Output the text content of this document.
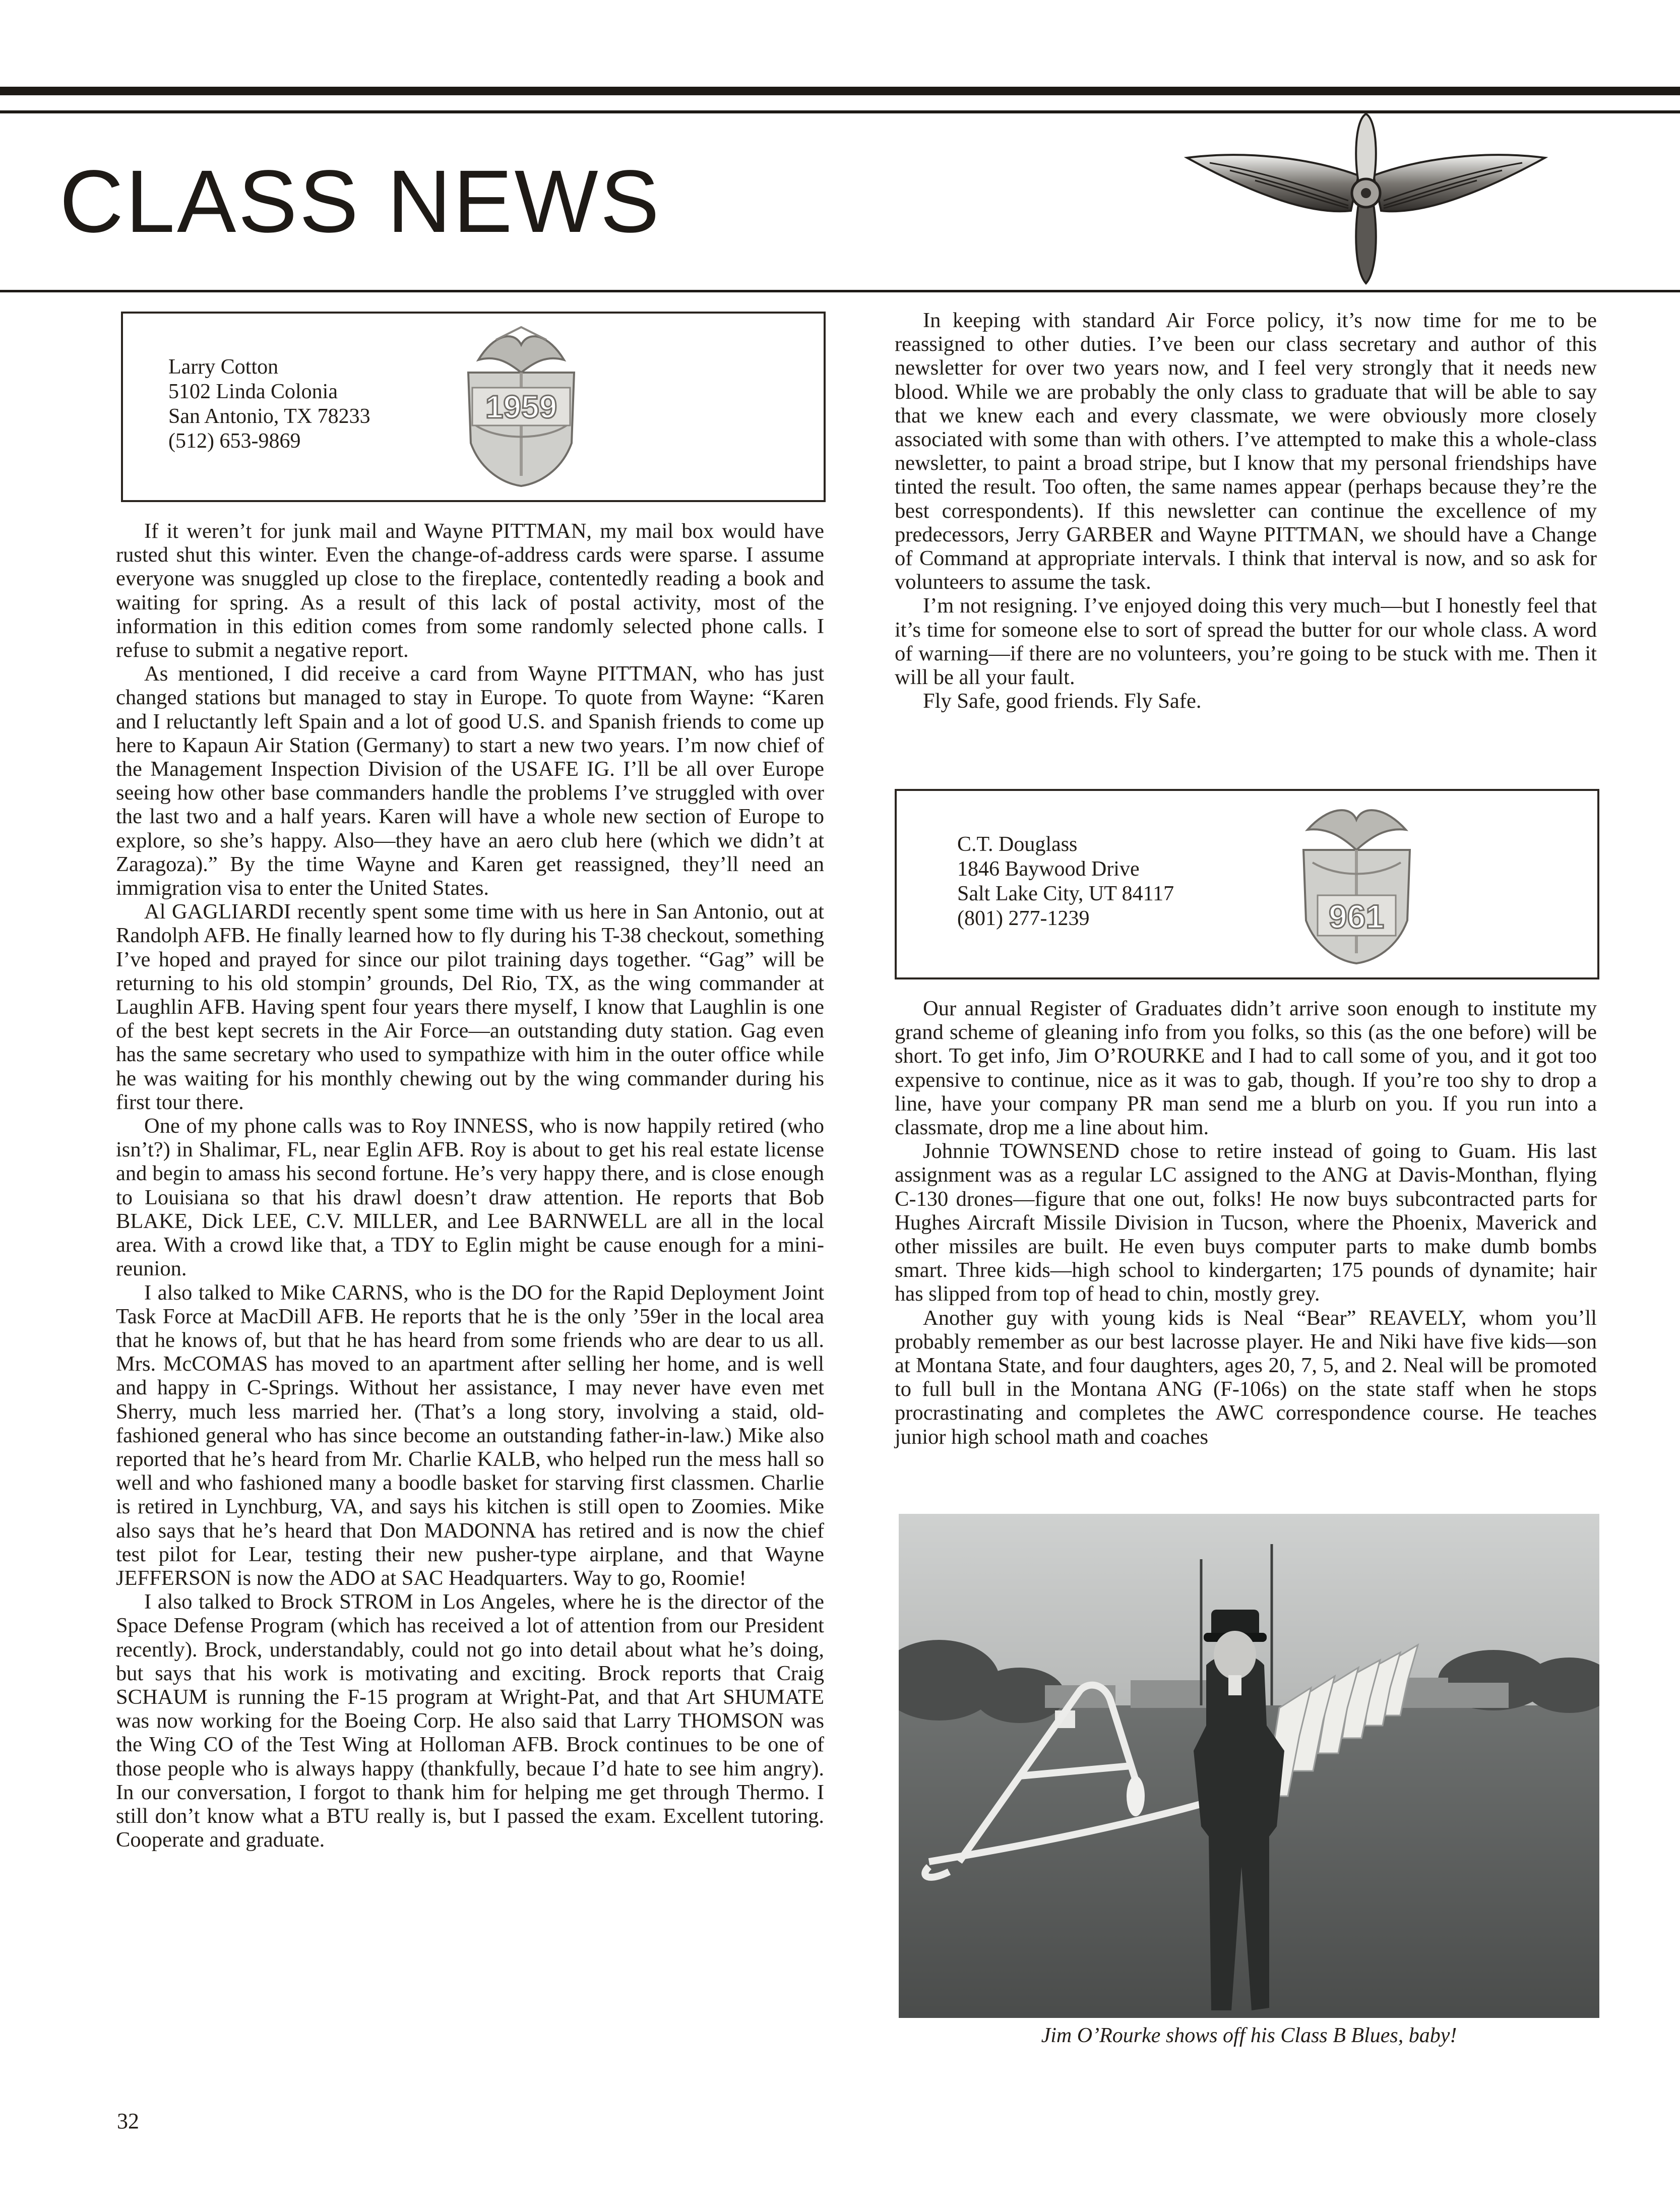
CLASS NEWS
Larry Cotton
5102 Linda Colonia
San Antonio, TX 78233
(512) 653-9869
1959

If it weren’t for junk mail and Wayne PITTMAN, my mail box would have rusted shut this winter. Even the change-of-address cards were sparse. I assume everyone was snuggled up close to the fireplace, contentedly reading a book and waiting for spring. As a result of this lack of postal activity, most of the information in this edition comes from some randomly selected phone calls. I refuse to submit a negative report.

As mentioned, I did receive a card from Wayne PITTMAN, who has just changed stations but managed to stay in Europe. To quote from Wayne: “Karen and I reluctantly left Spain and a lot of good U.S. and Spanish friends to come up here to Kapaun Air Station (Germany) to start a new two years. I’m now chief of the Management Inspection Division of the USAFE IG. I’ll be all over Europe seeing how other base commanders handle the problems I’ve struggled with over the last two and a half years. Karen will have a whole new section of Europe to explore, so she’s happy. Also—they have an aero club here (which we didn’t at Zaragoza).” By the time Wayne and Karen get reassigned, they’ll need an immigration visa to enter the United States.

Al GAGLIARDI recently spent some time with us here in San Antonio, out at Randolph AFB. He finally learned how to fly during his T-38 checkout, something I’ve hoped and prayed for since our pilot training days together. “Gag” will be returning to his old stompin’ grounds, Del Rio, TX, as the wing commander at Laughlin AFB. Having spent four years there myself, I know that Laughlin is one of the best kept secrets in the Air Force—an outstanding duty station. Gag even has the same secretary who used to sympathize with him in the outer office while he was waiting for his monthly chewing out by the wing commander during his first tour there.

One of my phone calls was to Roy INNESS, who is now happily retired (who isn’t?) in Shalimar, FL, near Eglin AFB. Roy is about to get his real estate license and begin to amass his second fortune. He’s very happy there, and is close enough to Louisiana so that his drawl doesn’t draw attention. He reports that Bob BLAKE, Dick LEE, C.V. MILLER, and Lee BARNWELL are all in the local area. With a crowd like that, a TDY to Eglin might be cause enough for a mini-reunion.

I also talked to Mike CARNS, who is the DO for the Rapid Deployment Joint Task Force at MacDill AFB. He reports that he is the only ’59er in the local area that he knows of, but that he has heard from some friends who are dear to us all. Mrs. McCOMAS has moved to an apartment after selling her home, and is well and happy in C-Springs. Without her assistance, I may never have even met Sherry, much less married her. (That’s a long story, involving a staid, old-fashioned general who has since become an outstanding father-in-law.) Mike also reported that he’s heard from Mr. Charlie KALB, who helped run the mess hall so well and who fashioned many a boodle basket for starving first classmen. Charlie is retired in Lynchburg, VA, and says his kitchen is still open to Zoomies. Mike also says that he’s heard that Don MADONNA has retired and is now the chief test pilot for Lear, testing their new pusher-type airplane, and that Wayne JEFFERSON is now the ADO at SAC Headquarters. Way to go, Roomie!

I also talked to Brock STROM in Los Angeles, where he is the director of the Space Defense Program (which has received a lot of attention from our President recently). Brock, understandably, could not go into detail about what he’s doing, but says that his work is motivating and exciting. Brock reports that Craig SCHAUM is running the F-15 program at Wright-Pat, and that Art SHUMATE was now working for the Boeing Corp. He also said that Larry THOMSON was the Wing CO of the Test Wing at Holloman AFB. Brock continues to be one of those people who is always happy (thankfully, becaue I’d hate to see him angry). In our conversation, I forgot to thank him for helping me get through Thermo. I still don’t know what a BTU really is, but I passed the exam. Excellent tutoring. Cooperate and graduate.

In keeping with standard Air Force policy, it’s now time for me to be reassigned to other duties. I’ve been our class secretary and author of this newsletter for over two years now, and I feel very strongly that it needs new blood. While we are probably the only class to graduate that will be able to say that we knew each and every classmate, we were obviously more closely associated with some than with others. I’ve attempted to make this a whole-class newsletter, to paint a broad stripe, but I know that my personal friendships have tinted the result. Too often, the same names appear (perhaps because they’re the best correspondents). If this newsletter can continue the excellence of my predecessors, Jerry GARBER and Wayne PITTMAN, we should have a Change of Command at appropriate intervals. I think that interval is now, and so ask for volunteers to assume the task.

I’m not resigning. I’ve enjoyed doing this very much—but I honestly feel that it’s time for someone else to sort of spread the butter for our whole class. A word of warning—if there are no volunteers, you’re going to be stuck with me. Then it will be all your fault.

Fly Safe, good friends. Fly Safe.

C.T. Douglass
1846 Baywood Drive
Salt Lake City, UT 84117
(801) 277-1239	961

Our annual Register of Graduates didn’t arrive soon enough to institute my grand scheme of gleaning info from you folks, so this (as the one before) will be short. To get info, Jim O’ROURKE and I had to call some of you, and it got too expensive to continue, nice as it was to gab, though. If you’re too shy to drop a line, have your company PR man send me a blurb on you. If you run into a classmate, drop me a line about him.

Johnnie TOWNSEND chose to retire instead of going to Guam. His last assignment was as a regular LC assigned to the ANG at Davis-Monthan, flying C-130 drones—figure that one out, folks! He now buys subcontracted parts for Hughes Aircraft Missile Division in Tucson, where the Phoenix, Maverick and other missiles are built. He even buys computer parts to make dumb bombs smart. Three kids—high school to kindergarten; 175 pounds of dynamite; hair has slipped from top of head to chin, mostly grey.

Another guy with young kids is Neal “Bear” REAVELY, whom you’ll probably remember as our best lacrosse player. He and Niki have five kids—son at Montana State, and four daughters, ages 20, 7, 5, and 2. Neal will be promoted to full bull in the Montana ANG (F-106s) on the state staff when he stops procrastinating and completes the AWC correspondence course. He teaches junior high school math and coaches

Jim O’Rourke shows off his Class B Blues, baby!

32
